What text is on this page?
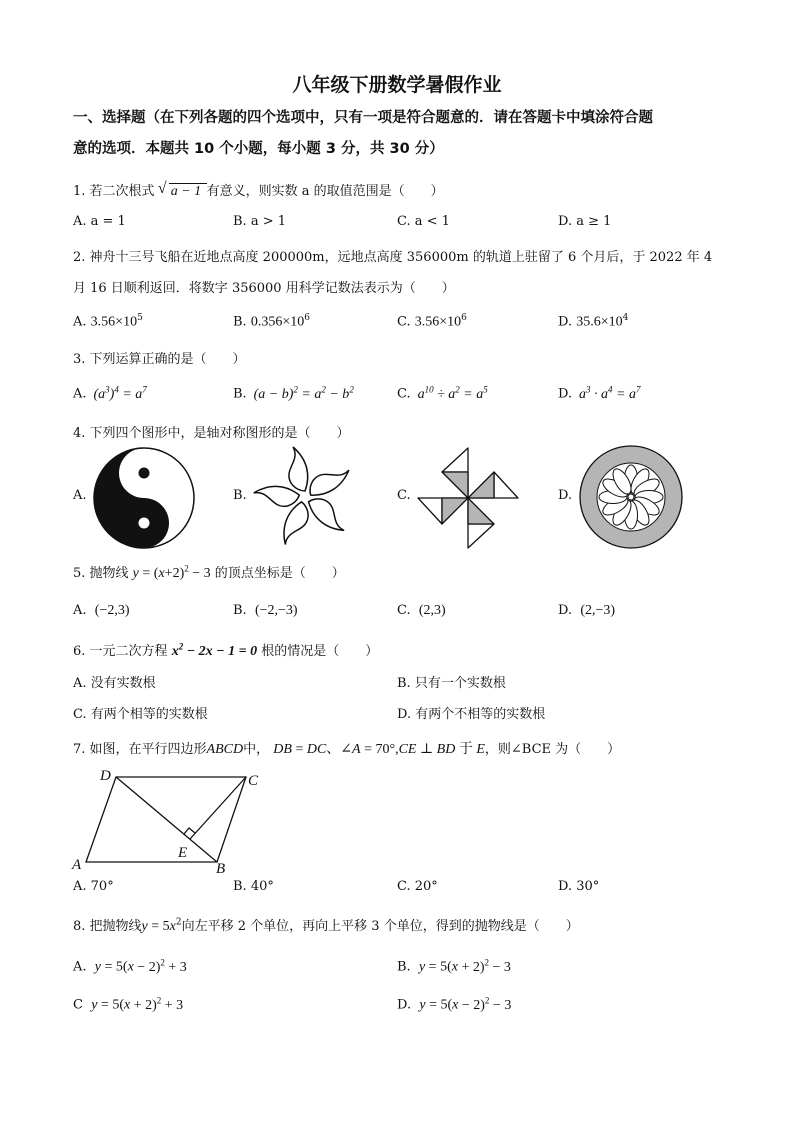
八年级下册数学暑假作业
一、选择题（在下列各题的四个选项中，只有一项是符合题意的．请在答题卡中填涂符合题
意的选项．本题共 10 个小题，每小题 3 分，共 30 分）
1. 若二次根式 √ a − 1 有意义，则实数 a 的取值范围是（　　）
A. a = 1	B. a > 1	C. a < 1	D. a ≥ 1
2. 神舟十三号飞船在近地点高度 200000m，远地点高度 356000m 的轨道上驻留了 6 个月后，于 2022 年 4
月 16 日顺利返回．将数字 356000 用科学记数法表示为（　　）
A. $3.56\times 10^5$	B. $0.356\times 10^6$	C. $3.56\times 10^6$	D. $35.6\times 10^4$
3. 下列运算正确的是（　　）
A.  $(a^3)^4 = a^7$	B.  $(a - b)^2 = a^2 - b^2$	C.  $a^{10} \div a^2 = a^5$	D.  $a^3 \cdot a^4 = a^7$
4. 下列四个图形中，是轴对称图形的是（　　）
A.	B.	C.	D.
5. 抛物线 $y = (x+2)^2 - 3$ 的顶点坐标是（　　）
A. (−2,3)	B. (−2,−3)	C. (2,3)	D. (2,−3)
6. 一元二次方程 $x^2 - 2x - 1 = 0$ 根的情况是（　　）
A. 没有实数根	B. 只有一个实数根
C. 有两个相等的实数根	D. 有两个不相等的实数根
7. 如图，在平行四边形ABCD中， DB = DC、∠A = 70°,CE ⊥ BD 于 E，则∠BCE 为（　　）
D	C
A
E
B
A. 70°	B. 40°	C. 20°	D. 30°
8. 把抛物线$y = 5x^2$向左平移 2 个单位，再向上平移 3 个单位，得到的抛物线是（　　）
A. $y = 5(x - 2)^2 + 3$	B. $y = 5(x + 2)^2 - 3$
C $y = 5(x + 2)^2 + 3$	D. $y = 5(x - 2)^2 - 3$
